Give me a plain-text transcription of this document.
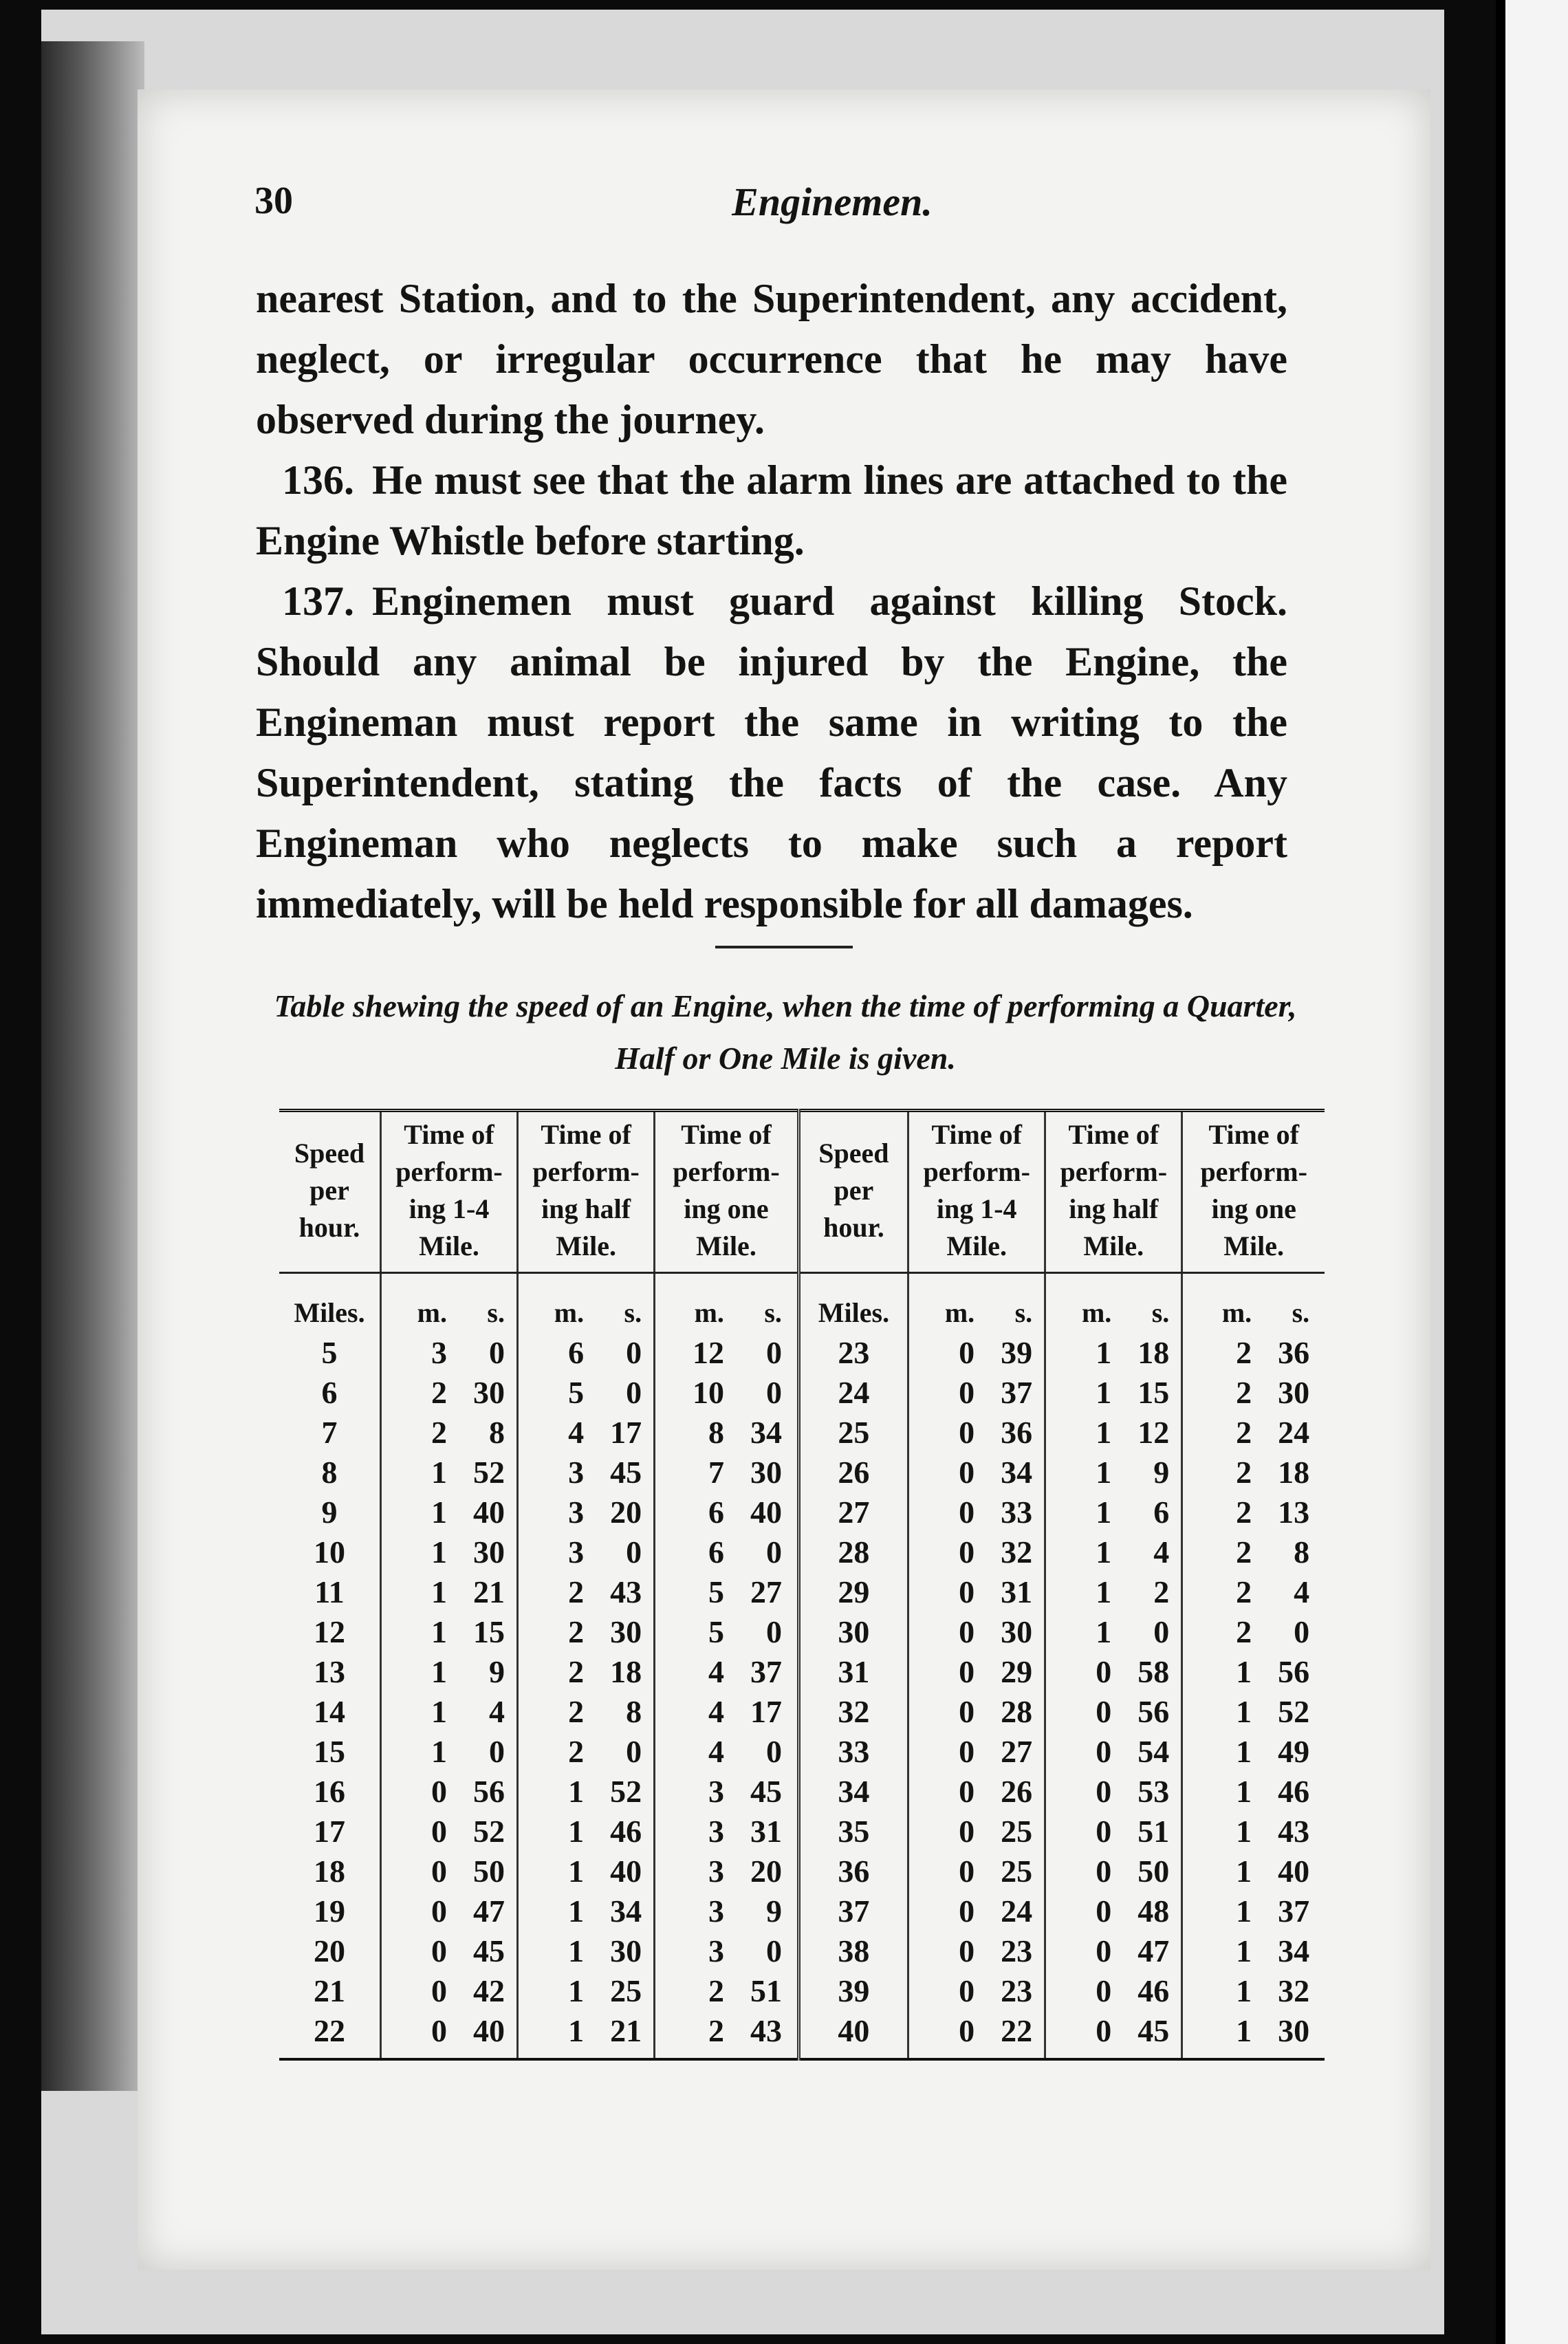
30	Enginemen.

nearest Station, and to the Superintendent, any accident, neglect, or irregular occurrence that he may have observed during the journey.

136. He must see that the alarm lines are attached to the Engine Whistle before starting.

137. Enginemen must guard against killing Stock. Should any animal be injured by the Engine, the Engineman must report the same in writing to the Superintendent, stating the facts of the case. Any Engineman who neglects to make such a report immediately, will be held responsible for all damages.

Table shewing the speed of an Engine, when the time of performing a Quarter, Half or One Mile is given.
Speed per hour.	Time of perform-ing 1-4 Mile.	Time of perform-ing half Mile.	Time of perform-ing one Mile.	Speed per hour.	Time of perform-ing 1-4 Mile.	Time of perform-ing half Mile.	Time of perform-ing one Mile.
Miles.	m. s.	m. s.	m. s.	Miles.	m. s.	m. s.	m. s.
5	3 0	6 0	12 0	23	0 39	1 18	2 36
6	2 30	5 0	10 0	24	0 37	1 15	2 30
7	2 8	4 17	8 34	25	0 36	1 12	2 24
8	1 52	3 45	7 30	26	0 34	1 9	2 18
9	1 40	3 20	6 40	27	0 33	1 6	2 13
10	1 30	3 0	6 0	28	0 32	1 4	2 8
11	1 21	2 43	5 27	29	0 31	1 2	2 4
12	1 15	2 30	5 0	30	0 30	1 0	2 0
13	1 9	2 18	4 37	31	0 29	0 58	1 56
14	1 4	2 8	4 17	32	0 28	0 56	1 52
15	1 0	2 0	4 0	33	0 27	0 54	1 49
16	0 56	1 52	3 45	34	0 26	0 53	1 46
17	0 52	1 46	3 31	35	0 25	0 51	1 43
18	0 50	1 40	3 20	36	0 25	0 50	1 40
19	0 47	1 34	3 9	37	0 24	0 48	1 37
20	0 45	1 30	3 0	38	0 23	0 47	1 34
21	0 42	1 25	2 51	39	0 23	0 46	1 32
22	0 40	1 21	2 43	40	0 22	0 45	1 30
